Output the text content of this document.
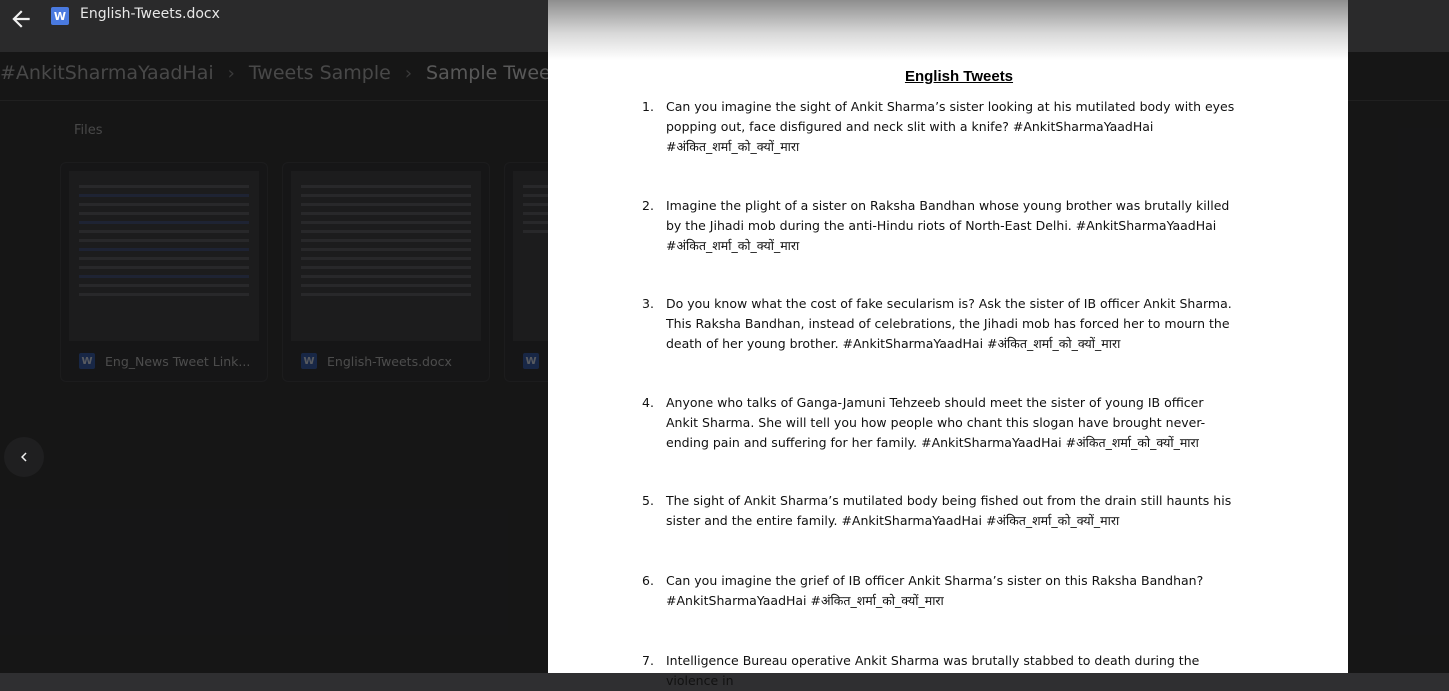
W English-Tweets.docx
English Tweets
1. Can you imagine the sight of Ankit Sharma’s sister looking at his mutilated body with eyes popping out, face disfigured and neck slit with a knife? #AnkitSharmaYaadHai #अंकित_शर्मा_को_क्यों_मारा
2. Imagine the plight of a sister on Raksha Bandhan whose young brother was brutally killed by the Jihadi mob during the anti-Hindu riots of North-East Delhi. #AnkitSharmaYaadHai #अंकित_शर्मा_को_क्यों_मारा
3. Do you know what the cost of fake secularism is? Ask the sister of IB officer Ankit Sharma. This Raksha Bandhan, instead of celebrations, the Jihadi mob has forced her to mourn the death of her young brother. #AnkitSharmaYaadHai #अंकित_शर्मा_को_क्यों_मारा
4. Anyone who talks of Ganga-Jamuni Tehzeeb should meet the sister of young IB officer Ankit Sharma. She will tell you how people who chant this slogan have brought never-ending pain and suffering for her family. #AnkitSharmaYaadHai #अंकित_शर्मा_को_क्यों_मारा
5. The sight of Ankit Sharma’s mutilated body being fished out from the drain still haunts his sister and the entire family. #AnkitSharmaYaadHai #अंकित_शर्मा_को_क्यों_मारा
6. Can you imagine the grief of IB officer Ankit Sharma’s sister on this Raksha Bandhan? #AnkitSharmaYaadHai #अंकित_शर्मा_को_क्यों_मारा
7. Intelligence Bureau operative Ankit Sharma was brutally stabbed to death during the violence in
